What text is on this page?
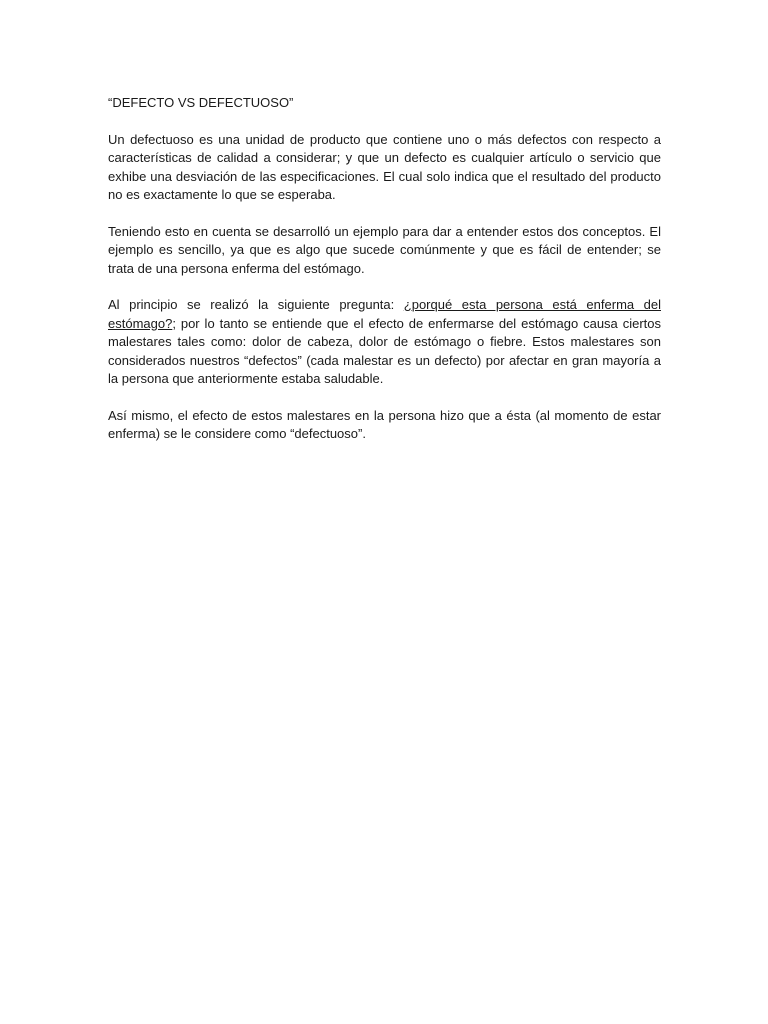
“DEFECTO VS DEFECTUOSO”

Un defectuoso es una unidad de producto que contiene uno o más defectos con respecto a características de calidad a considerar; y que un defecto es cualquier artículo o servicio que exhibe una desviación de las especificaciones. El cual solo indica que el resultado del producto no es exactamente lo que se esperaba.

Teniendo esto en cuenta se desarrolló un ejemplo para dar a entender estos dos conceptos. El ejemplo es sencillo, ya que es algo que sucede comúnmente y que es fácil de entender; se trata de una persona enferma del estómago.

Al principio se realizó la siguiente pregunta: ¿porqué esta persona está enferma del estómago?; por lo tanto se entiende que el efecto de enfermarse del estómago causa ciertos malestares tales como: dolor de cabeza, dolor de estómago o fiebre. Estos malestares son considerados nuestros “defectos” (cada malestar es un defecto) por afectar en gran mayoría a la persona que anteriormente estaba saludable.

Así mismo, el efecto de estos malestares en la persona hizo que a ésta (al momento de estar enferma) se le considere como “defectuoso”.
